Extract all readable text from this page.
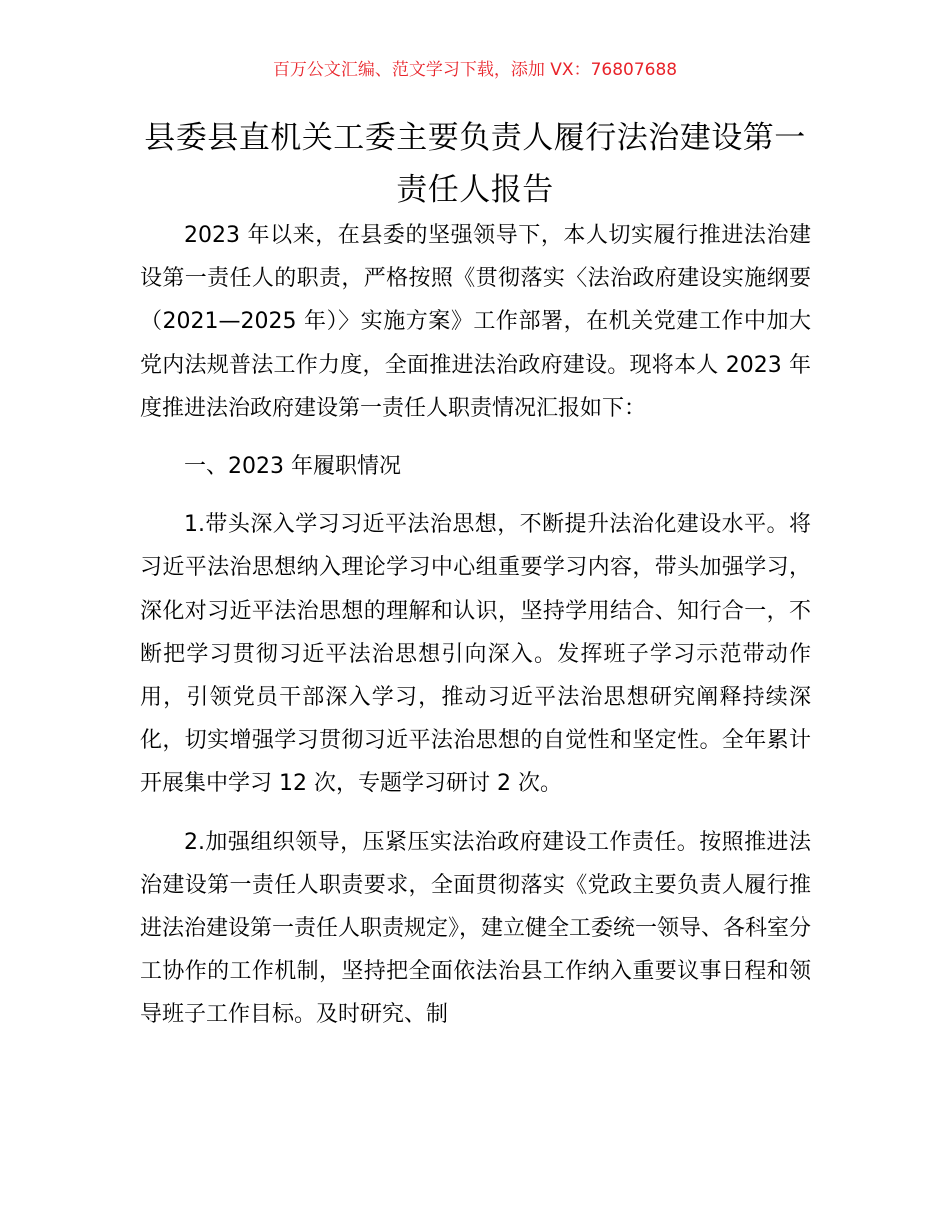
百万公文汇编、范文学习下载，添加 VX：76807688
县委县直机关工委主要负责人履行法治建设第一责任人报告

2023 年以来，在县委的坚强领导下，本人切实履行推进法治建设第一责任人的职责，严格按照《贯彻落实〈法治政府建设实施纲要（2021—2025 年）〉实施方案》工作部署，在机关党建工作中加大党内法规普法工作力度，全面推进法治政府建设。现将本人 2023 年度推进法治政府建设第一责任人职责情况汇报如下：

一、2023 年履职情况

1.带头深入学习习近平法治思想，不断提升法治化建设水平。将习近平法治思想纳入理论学习中心组重要学习内容，带头加强学习，深化对习近平法治思想的理解和认识，坚持学用结合、知行合一，不断把学习贯彻习近平法治思想引向深入。发挥班子学习示范带动作用，引领党员干部深入学习，推动习近平法治思想研究阐释持续深化，切实增强学习贯彻习近平法治思想的自觉性和坚定性。全年累计开展集中学习 12 次，专题学习研讨 2 次。

2.加强组织领导，压紧压实法治政府建设工作责任。按照推进法治建设第一责任人职责要求，全面贯彻落实《党政主要负责人履行推进法治建设第一责任人职责规定》，建立健全工委统一领导、各科室分工协作的工作机制，坚持把全面依法治县工作纳入重要议事日程和领导班子工作目标。及时研究、制
